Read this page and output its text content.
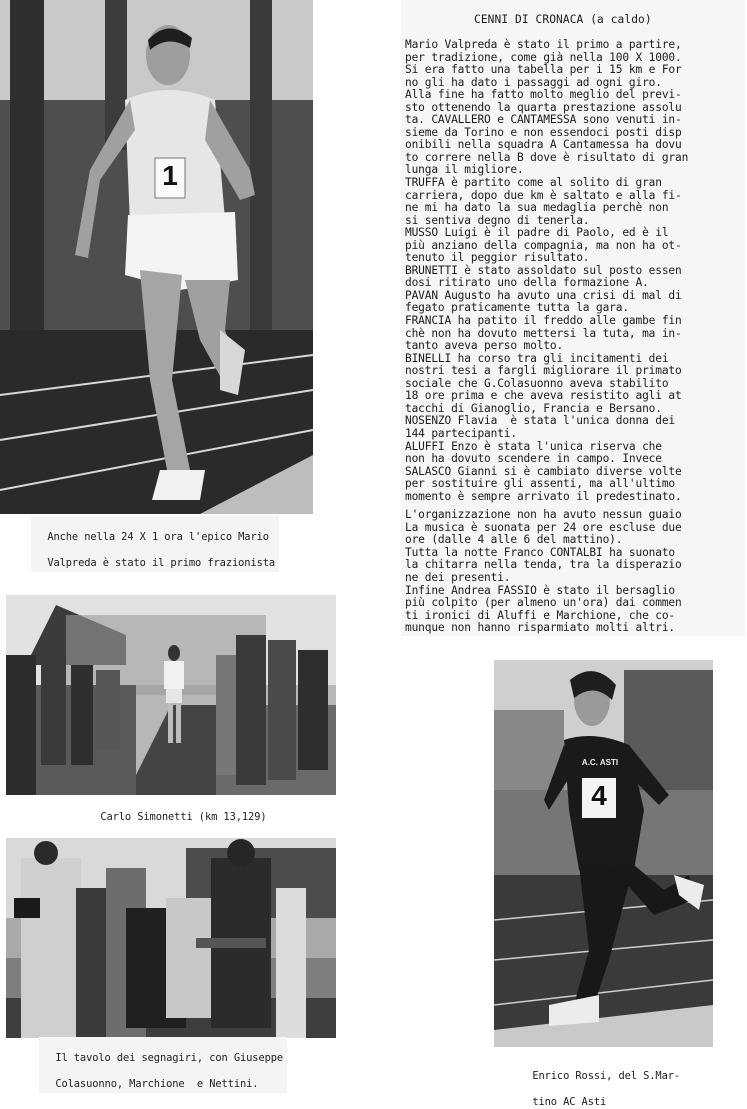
1

Anche nella 24 X 1 ora l'epico Mario

Valpreda è stato il primo frazionista

CENNI DI CRONACA (a caldo)
Mario Valpreda è stato il primo a partire,
per tradizione, come già nella 100 X 1000.
Si era fatto una tabella per i 15 km e For
no gli ha dato i passaggi ad ogni giro.
Alla fine ha fatto molto meglio del previ-
sto ottenendo la quarta prestazione assolu
ta. CAVALLERO e CANTAMESSA sono venuti in-
sieme da Torino e non essendoci posti disp
onibili nella squadra A Cantamessa ha dovu
to correre nella B dove è risultato di gran
lunga il migliore.
TRUFFA è partito come al solito di gran
carriera, dopo due km è saltato e alla fi-
ne mi ha dato la sua medaglia perchè non
si sentiva degno di tenerla.
MUSSO Luigi è il padre di Paolo, ed è il
più anziano della compagnia, ma non ha ot-
tenuto il peggior risultato.
BRUNETTI è stato assoldato sul posto essen
dosi ritirato uno della formazione A.
PAVAN Augusto ha avuto una crisi di mal di
fegato praticamente tutta la gara.
FRANCIA ha patito il freddo alle gambe fin
chè non ha dovuto mettersi la tuta, ma in-
tanto aveva perso molto.
BINELLI ha corso tra gli incitamenti dei
nostri tesi a fargli migliorare il primato
sociale che G.Colasuonno aveva stabilito
18 ore prima e che aveva resistito agli at
tacchi di Gianoglio, Francia e Bersano.
NOSENZO Flavia  è stata l'unica donna dei
144 partecipanti.
ALUFFI Enzo è stata l'unica riserva che
non ha dovuto scendere in campo. Invece
SALASCO Gianni si è cambiato diverse volte
per sostituire gli assenti, ma all'ultimo
momento è sempre arrivato il predestinato.
L'organizzazione non ha avuto nessun guaio
La musica è suonata per 24 ore escluse due
ore (dalle 4 alle 6 del mattino).
Tutta la notte Franco CONTALBI ha suonato
la chitarra nella tenda, tra la disperazio
ne dei presenti.
Infine Andrea FASSIO è stato il bersaglio
più colpito (per almeno un'ora) dai commen
ti ironici di Aluffi e Marchione, che co-
munque non hanno risparmiato molti altri.

Carlo Simonetti (km 13,129)

Il tavolo dei segnagiri, con Giuseppe

Colasuonno, Marchione  e Nettini.

A.C. ASTI
4

Enrico Rossi, del S.Mar-

tino AC Asti
